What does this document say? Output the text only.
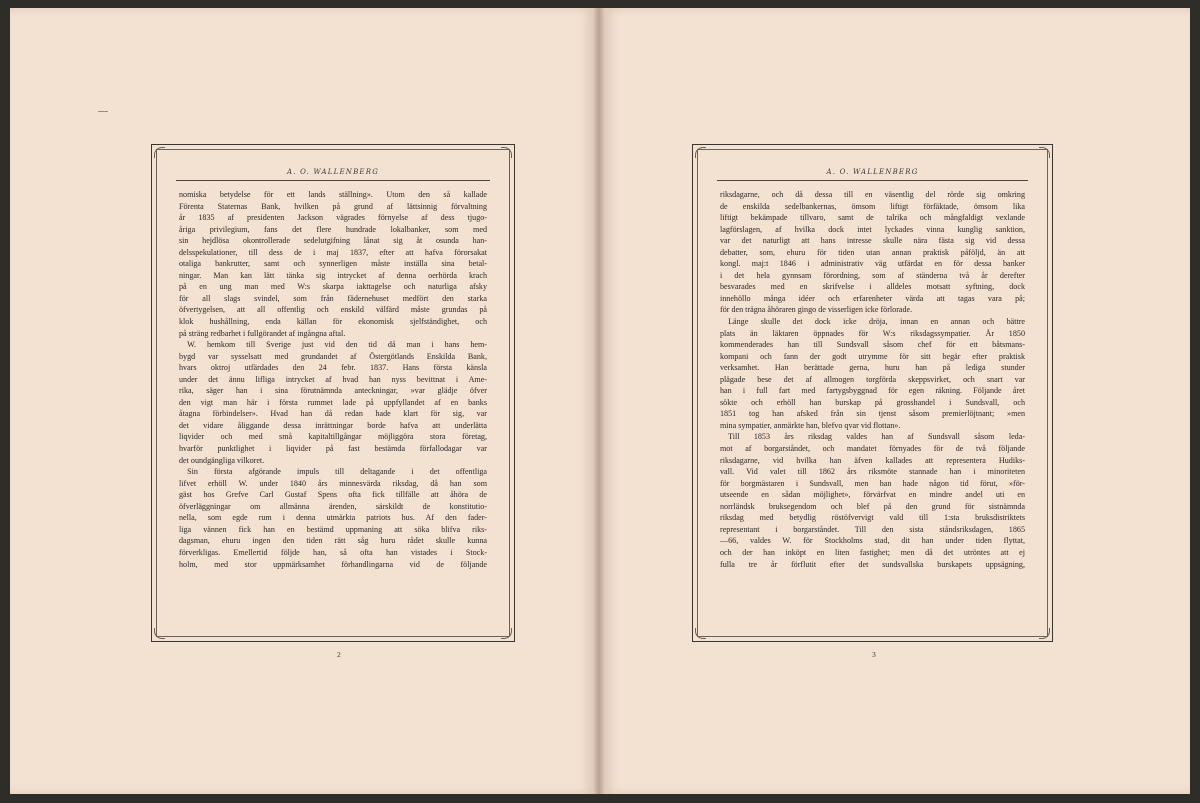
A. O. WALLENBERG
nomiska betydelse för ett lands ställning». Utom den så kallade
Förenta Staternas Bank, hvilken på grund af lättsinnig förvaltning
år 1835 af presidenten Jackson vägrades förnyelse af dess tjugo-
åriga privilegium, fans det flere hundrade lokalbanker, som med
sin hejdlösa okontrollerade sedelutgifning lånat sig åt osunda han-
delsspekulationer, till dess de i maj 1837, efter att hafva förorsakat
otaliga bankrutter, samt och synnerligen måste inställa sina betal-
ningar. Man kan lätt tänka sig intrycket af denna oerhörda krach
på en ung man med W:s skarpa iakttagelse och naturliga afsky
för all slags svindel, som från fädernehuset medfört den starka
öfvertygelsen, att all offentlig och enskild välfärd måste grundas på
klok hushållning, enda källan för ekonomisk sjelfständighet, och
på sträng redbarhet i fullgörandet af ingångna aftal.
 W. hemkom till Sverige just vid den tid då man i hans hem-
bygd var sysselsatt med grundandet af Östergötlands Enskilda Bank,
hvars oktroj utfärdades den 24 febr. 1837. Hans första känsla
under det ännu lifliga intrycket af hvad han nyss bevittnat i Ame-
rika, säger han i sina förutnämnda anteckningar, »var glädje öfver
den vigt man här i första rummet lade på uppfyllandet af en banks
åtagna förbindelser». Hvad han då redan hade klart för sig, var
det vidare åliggande dessa inrättningar borde hafva att underlätta
liqvider och med små kapitaltillgångar möjliggöra stora företag,
hvarför punktlighet i liqvider på fast bestämda förfallodagar var
det oundgängliga vilkoret.
 Sin första afgörande impuls till deltagande i det offentliga
lifvet erhöll W. under 1840 års minnesvärda riksdag, då han som
gäst hos Grefve Carl Gustaf Spens ofta fick tillfälle att åhöra de
öfverläggningar om allmänna ärenden, särskildt de konstitutio-
nella, som egde rum i denna utmärkta patriots hus. Af den fader-
liga vännen fick han en bestämd uppmaning att söka blifva riks-
dagsman, ehuru ingen den tiden rätt såg huru rådet skulle kunna
förverkligas. Emellertid följde han, så ofta han vistades i Stock-
holm, med stor uppmärksamhet förhandlingarna vid de följande
2
A. O. WALLENBERG
riksdagarne, och då dessa till en väsentlig del rörde sig omkring
de enskilda sedelbankernas, ömsom liftigt förfäktade, ömsom lika
liftigt bekämpade tillvaro, samt de talrika och mångfaldigt vexlande
lagförslagen, af hvilka dock intet lyckades vinna kunglig sanktion,
var det naturligt att hans intresse skulle nära fästa sig vid dessa
debatter, som, ehuru för tiden utan annan praktisk påföljd, än att
kongl. maj:t 1846 i administrativ väg utfärdat en för dessa banker
i det hela gynnsam förordning, som af ständerna två år derefter
besvarades med en skrifvelse i alldeles motsatt syftning, dock
innehöllo många idéer och erfarenheter värda att tagas vara på;
för den trägna åhöraren gingo de visserligen icke förlorade.
 Länge skulle det dock icke dröja, innan en annan och bättre
plats än läktaren öppnades för W:s riksdagssympatier. År 1850
kommenderades han till Sundsvall såsom chef för ett båtsmans-
kompani och fann der godt utrymme för sitt begär efter praktisk
verksamhet. Han berättade gerna, huru han på lediga stunder
plägade bese det af allmogen torgförda skeppsvirket, och snart var
han i full fart med fartygsbyggnad för egen räkning. Följande året
sökte och erhöll han burskap på grosshandel i Sundsvall, och
1851 tog han afsked från sin tjenst såsom premierlöjtnant; »men
mina sympatier, anmärkte han, blefvo qvar vid flottan».
 Till 1853 års riksdag valdes han af Sundsvall såsom leda-
mot af borgarståndet, och mandatet förnyades för de två följande
riksdagarne, vid hvilka han äfven kallades att representera Hudiks-
vall. Vid valet till 1862 års riksmöte stannade han i minoriteten
för borgmästaren i Sundsvall, men han hade någon tid förut, »för-
utseende en sådan möjlighet», förvärfvat en mindre andel uti en
norrländsk bruksegendom och blef på den grund för sistnämnda
riksdag med betydlig röstöfvervigt vald till 1:sta bruksdistriktets
representant i borgarståndet. Till den sista ståndsriksdagen, 1865
—66, valdes W. för Stockholms stad, dit han under tiden flyttat,
och der han inköpt en liten fastighet; men då det utröntes att ej
fulla tre år förflutit efter det sundsvallska burskapets uppsägning,
3
